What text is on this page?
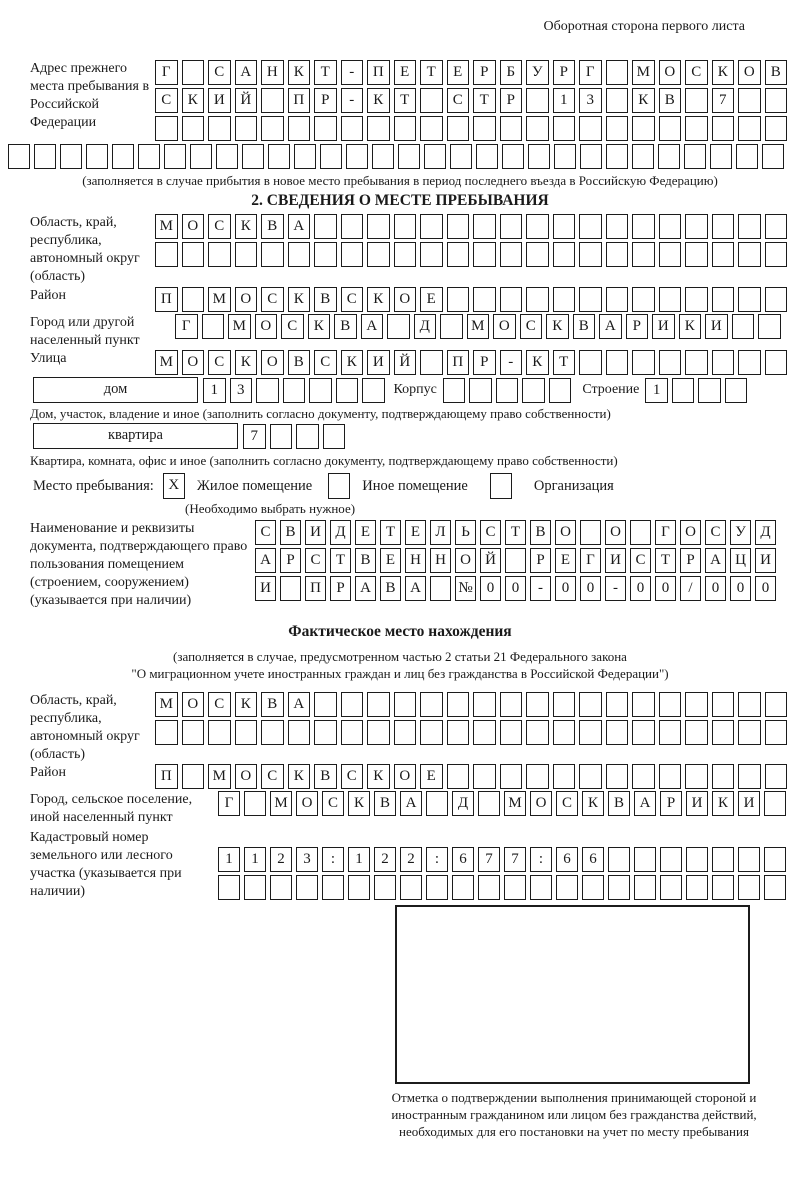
Оборотная сторона первого листа
Адрес прежнего места пребывания в Российской Федерации
Г	С	А	Н	К	Т	-	П	Е	Т	Е	Р	Б	У	Р	Г	М О	С	К	О	В
С	К	И	Й	П	Р	-	К	Т	С	Т	Р	1	3	К	В	7
(заполняется в случае прибытия в новое место пребывания в период последнего въезда в Российскую Федерацию)
2. СВЕДЕНИЯ О МЕСТЕ ПРЕБЫВАНИЯ
Область, край, республика, автономный округ (область)
М О	С	К	В	А
Район	П	М О	С	К	В	С	К	О	Е
Город или другой населенный пункт
Г	М О	С	К	В	А	Д	М О	С	К	В	А	Р	И	К	И
Улица	М О	С	К	О	В	С	К	И	Й	П	Р	-	К	Т
дом	1	3	Корпус	Строение 1
Дом, участок, владение и иное (заполнить согласно документу, подтверждающему право собственности)
квартира	7
Квартира, комната, офис и иное (заполнить согласно документу, подтверждающему право собственности)
Место пребывания: X	Жилое помещение	Иное помещение	Организация
(Необходимо выбрать нужное)
Наименование и реквизиты документа, подтверждающего право пользования помещением (строением, сооружением) (указывается при наличии)
С В И Д	Е	Т	Е	Л	Ь	С	Т	В О	О	Г	О С У Д
А	Р	С	Т	В	Е	Н Н О Й	Р	Е	Г	И С	Т	Р	А Ц И
И	П	Р	А В А	№ 0	0	-	0	0	-	0	0	/	0	0	0
Фактическое место нахождения
(заполняется в случае, предусмотренном частью 2 статьи 21 Федерального закона
"О миграционном учете иностранных граждан и лиц без гражданства в Российской Федерации")
Область, край, республика, автономный округ (область)
М О	С	К	В	А
Район	П	М О	С	К	В	С	К	О	Е
Город, сельское поселение, иной населенный пункт
Г	М О	С	К	В	А	Д	М О	С	К	В	А	Р	И	К	И
Кадастровый номер земельного или лесного участка (указывается при наличии)
1	1	2	3	:	1	2	2	:	6	7	7	:	6	6
Отметка о подтверждении выполнения принимающей стороной и иностранным гражданином или лицом без гражданства действий, необходимых для его постановки на учет по месту пребывания
